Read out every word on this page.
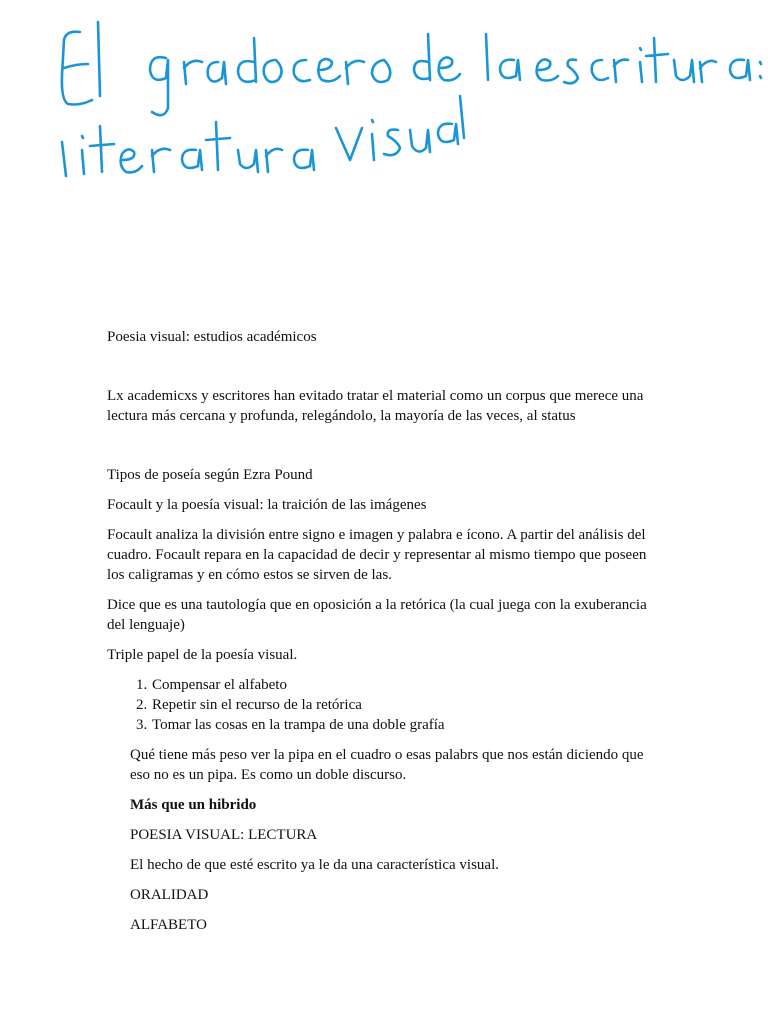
Poesia visual: estudios académicos

Lx academicxs y escritores han evitado tratar el material como un corpus que merece una lectura más cercana y profunda, relegándolo, la mayoría de las veces, al status

Tipos de poseía según Ezra Pound

Focault y la poesía visual: la traición de las imágenes

Focault analiza la división entre signo e imagen y palabra e ícono. A partir del análisis del cuadro. Focault repara en la capacidad de decir y representar al mismo tiempo que poseen los caligramas y en cómo estos se sirven de las.

Dice que es una tautología que en oposición a la retórica (la cual juega con la exuberancia del lenguaje)

Triple papel de la poesía visual.

1. Compensar el alfabeto
2. Repetir sin el recurso de la retórica
3. Tomar las cosas en la trampa de una doble grafía

Qué tiene más peso ver la pipa en el cuadro o esas palabrs que nos están diciendo que eso no es un pipa. Es como un doble discurso.

Más que un hibrido

POESIA VISUAL: LECTURA

El hecho de que esté escrito ya le da una característica visual.

ORALIDAD

ALFABETO
